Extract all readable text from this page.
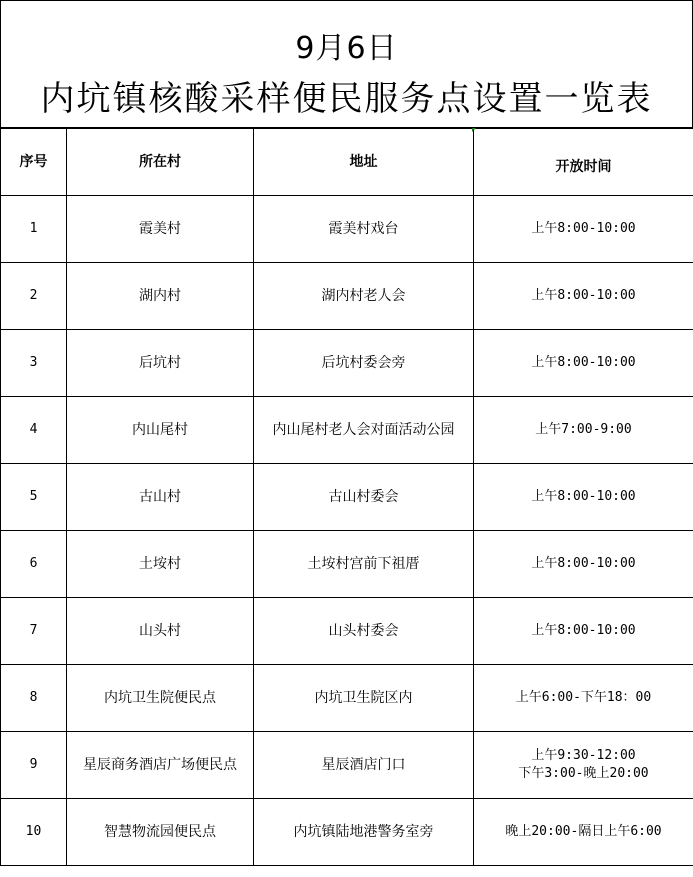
9月6日
内坑镇核酸采样便民服务点设置一览表
序号	所在村	地址	开放时间
1	霞美村	霞美村戏台	上午8:00-10:00

2	湖内村	湖内村老人会	上午8:00-10:00

3	后坑村	后坑村委会旁	上午8:00-10:00

4	内山尾村	内山尾村老人会对面活动公园	上午7:00-9:00

5	古山村	古山村委会	上午8:00-10:00

6	土垵村	土垵村宫前下祖厝	上午8:00-10:00

7	山头村	山头村委会	上午8:00-10:00

8	内坑卫生院便民点	内坑卫生院区内	上午6:00-下午18：00

9	星辰商务酒店广场便民点	星辰酒店门口	上午9:30-12:00
下午3:00-晚上20:00

10	智慧物流园便民点	内坑镇陆地港警务室旁	晚上20:00-隔日上午6:00
